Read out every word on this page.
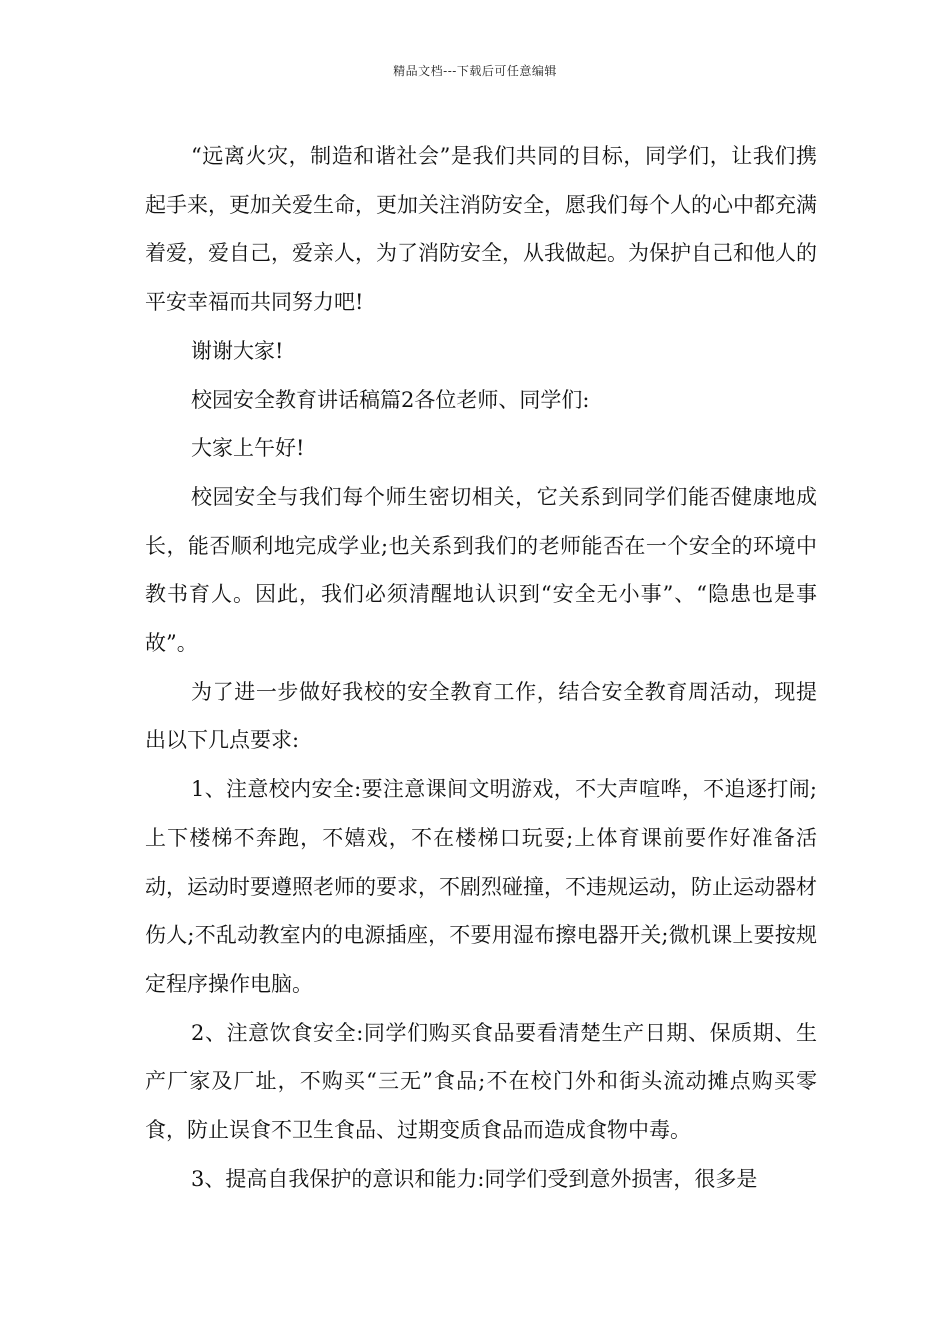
精品文档---下载后可任意编辑

“远离火灾，制造和谐社会”是我们共同的目标，同学们，让我们携起手来，更加关爱生命，更加关注消防安全，愿我们每个人的心中都充满着爱，爱自己，爱亲人，为了消防安全，从我做起。为保护自己和他人的平安幸福而共同努力吧!

谢谢大家!

校园安全教育讲话稿篇2各位老师、同学们:

大家上午好!

校园安全与我们每个师生密切相关，它关系到同学们能否健康地成长，能否顺利地完成学业;也关系到我们的老师能否在一个安全的环境中教书育人。因此，我们必须清醒地认识到“安全无小事”、“隐患也是事故”。

为了进一步做好我校的安全教育工作，结合安全教育周活动，现提出以下几点要求:

1、注意校内安全:要注意课间文明游戏，不大声喧哗，不追逐打闹;上下楼梯不奔跑，不嬉戏，不在楼梯口玩耍;上体育课前要作好准备活动，运动时要遵照老师的要求，不剧烈碰撞，不违规运动，防止运动器材伤人;不乱动教室内的电源插座，不要用湿布擦电器开关;微机课上要按规定程序操作电脑。

2、注意饮食安全:同学们购买食品要看清楚生产日期、保质期、生产厂家及厂址，不购买“三无”食品;不在校门外和街头流动摊点购买零食，防止误食不卫生食品、过期变质食品而造成食物中毒。

3、提高自我保护的意识和能力:同学们受到意外损害，很多是
